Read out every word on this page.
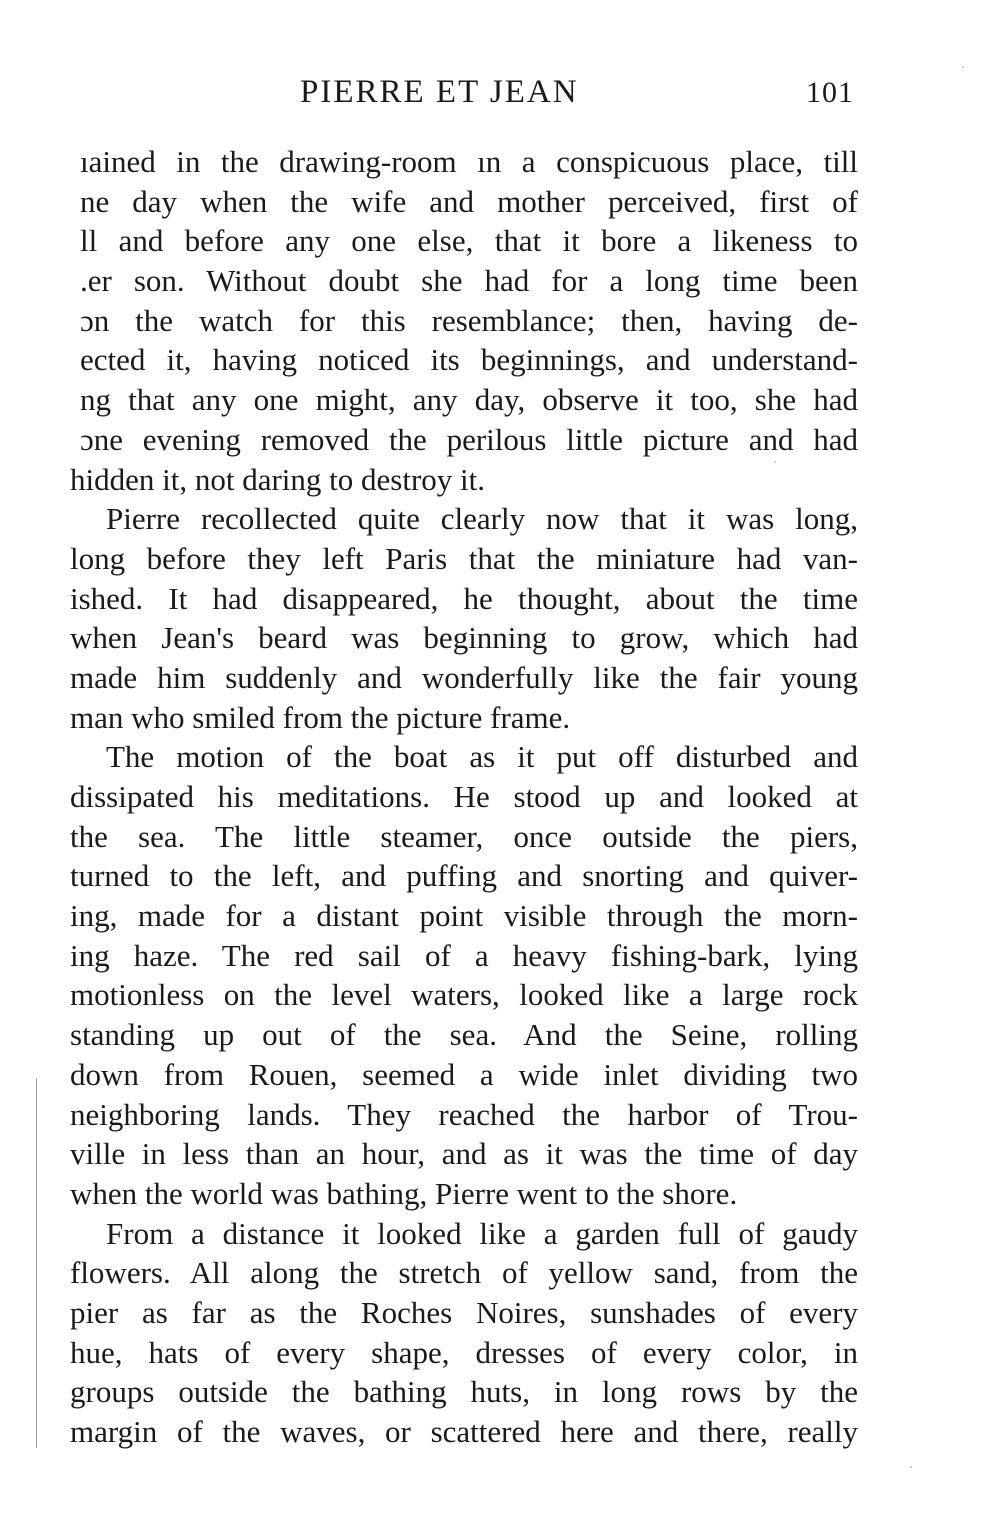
PIERRE ET JEAN	101
ıained in the drawing-room ın a conspicuous place, till
ne day when the wife and mother perceived, first of
ll and before any one else, that it bore a likeness to
.er son. Without doubt she had for a long time been
ɔn the watch for this resemblance; then, having de-
ected it, having noticed its beginnings, and understand-
ng that any one might, any day, observe it too, she had
ɔne evening removed the perilous little picture and had
hidden it, not daring to destroy it.
Pierre recollected quite clearly now that it was long,
long before they left Paris that the miniature had van-
ished. It had disappeared, he thought, about the time
when Jean's beard was beginning to grow, which had
made him suddenly and wonderfully like the fair young
man who smiled from the picture frame.
The motion of the boat as it put off disturbed and
dissipated his meditations. He stood up and looked at
the sea. The little steamer, once outside the piers,
turned to the left, and puffing and snorting and quiver-
ing, made for a distant point visible through the morn-
ing haze. The red sail of a heavy fishing-bark, lying
motionless on the level waters, looked like a large rock
standing up out of the sea. And the Seine, rolling
down from Rouen, seemed a wide inlet dividing two
neighboring lands. They reached the harbor of Trou-
ville in less than an hour, and as it was the time of day
when the world was bathing, Pierre went to the shore.
From a distance it looked like a garden full of gaudy
flowers. All along the stretch of yellow sand, from the
pier as far as the Roches Noires, sunshades of every
hue, hats of every shape, dresses of every color, in
groups outside the bathing huts, in long rows by the
margin of the waves, or scattered here and there, really
